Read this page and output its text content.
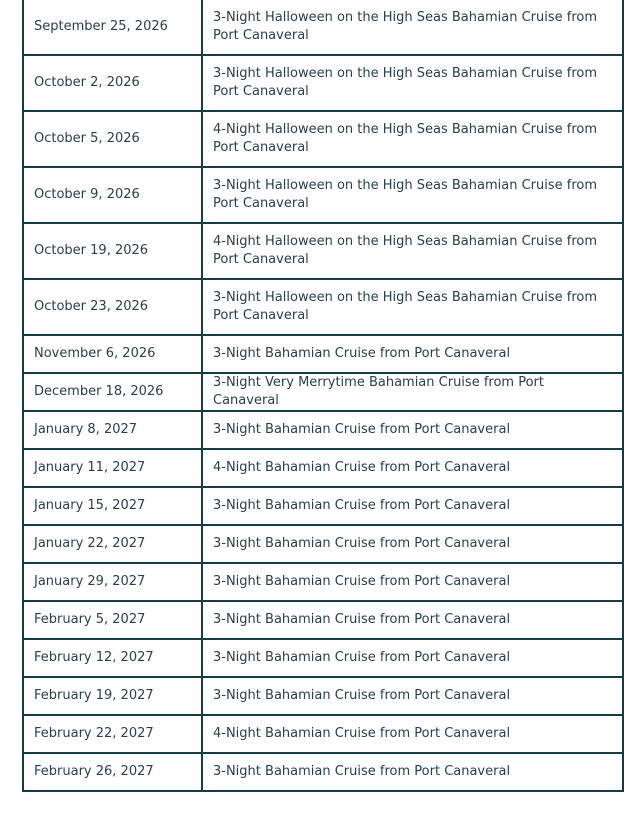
September 25, 2026	3-Night Halloween on the High Seas Bahamian Cruise from Port Canaveral
October 2, 2026	3-Night Halloween on the High Seas Bahamian Cruise from Port Canaveral
October 5, 2026	4-Night Halloween on the High Seas Bahamian Cruise from Port Canaveral
October 9, 2026	3-Night Halloween on the High Seas Bahamian Cruise from Port Canaveral
October 19, 2026	4-Night Halloween on the High Seas Bahamian Cruise from Port Canaveral
October 23, 2026	3-Night Halloween on the High Seas Bahamian Cruise from Port Canaveral
November 6, 2026	3-Night Bahamian Cruise from Port Canaveral
December 18, 2026	3-Night Very Merrytime Bahamian Cruise from Port Canaveral
January 8, 2027	3-Night Bahamian Cruise from Port Canaveral
January 11, 2027	4-Night Bahamian Cruise from Port Canaveral
January 15, 2027	3-Night Bahamian Cruise from Port Canaveral
January 22, 2027	3-Night Bahamian Cruise from Port Canaveral
January 29, 2027	3-Night Bahamian Cruise from Port Canaveral
February 5, 2027	3-Night Bahamian Cruise from Port Canaveral
February 12, 2027	3-Night Bahamian Cruise from Port Canaveral
February 19, 2027	3-Night Bahamian Cruise from Port Canaveral
February 22, 2027	4-Night Bahamian Cruise from Port Canaveral
February 26, 2027	3-Night Bahamian Cruise from Port Canaveral
